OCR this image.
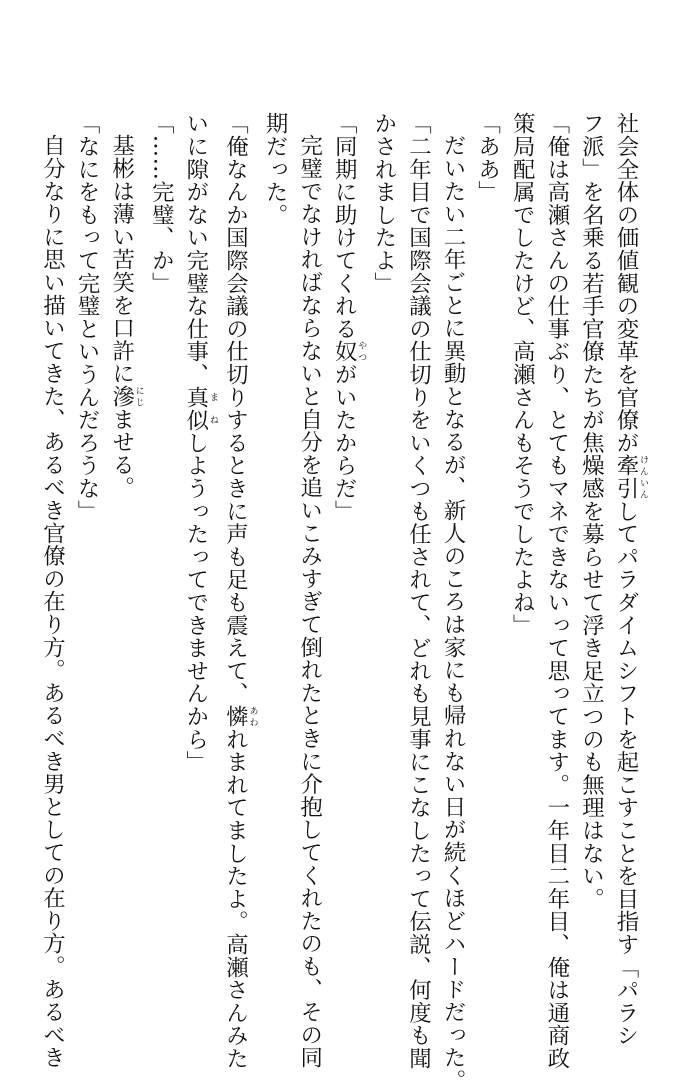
社会全体の価値観の変革を官僚が牽引 けんいんしてパラダイムシフトを起こすことを目指す「パラシ
フ派」を名乗る若手官僚たちが焦燥感を募らせて浮き足立つのも無理はない。
「俺は高瀬さんの仕事ぶり、とてもマネできないって思ってます。一年目二年目、俺は通商政
策局配属でしたけど、高瀬さんもそうでしたよね」
「ああ」
だいたい二年ごとに異動となるが、新人のころは家にも帰れない日が続くほどハードだった。
「二年目で国際会議の仕切りをいくつも任されて、どれも見事にこなしたって伝説、何度も聞
かされましたよ」
「同期に助けてくれる奴 やつがいたからだ」
完璧でなければならないと自分を追いこみすぎて倒れたときに介抱してくれたのも、その同
期だった。
「俺なんか国際会議の仕切りするときに声も足も震えて、憐 あわれまれてましたよ。高瀬さんみた
いに隙がない完璧な仕事、真似 まねしようったってできませんから」
「……完璧、か」
基彬は薄い苦笑を口許に滲 にじませる。
「なにをもって完璧というんだろうな」
自分なりに思い描いてきた、あるべき官僚の在り方。あるべき男としての在り方。あるべき
